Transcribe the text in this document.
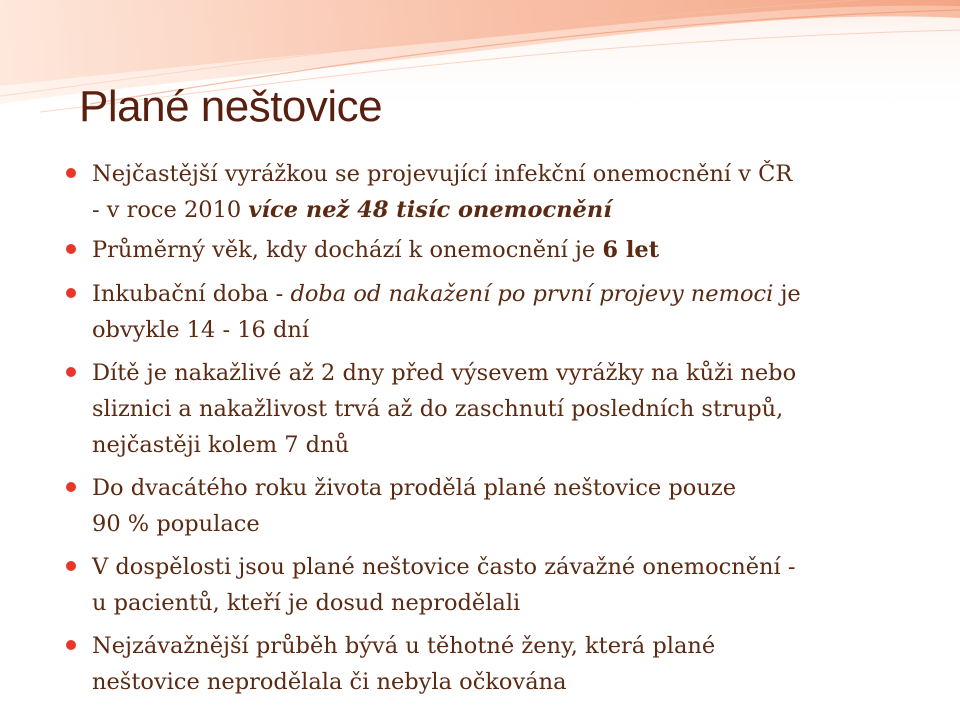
Plané neštovice
Nejčastější vyrážkou se projevující infekční onemocnění v ČR
- v roce 2010 více než 48 tisíc onemocnění
Průměrný věk, kdy dochází k onemocnění je 6 let
Inkubační doba - doba od nakažení po první projevy nemoci je
obvykle 14 - 16 dní
Dítě je nakažlivé až 2 dny před výsevem vyrážky na kůži nebo
sliznici a nakažlivost trvá až do zaschnutí posledních strupů,
nejčastěji kolem 7 dnů
Do dvacátého roku života prodělá plané neštovice pouze
90 % populace
V dospělosti jsou plané neštovice často závažné onemocnění -
u pacientů, kteří je dosud neprodělali
Nejzávažnější průběh bývá u těhotné ženy, která plané
neštovice neprodělala či nebyla očkována
